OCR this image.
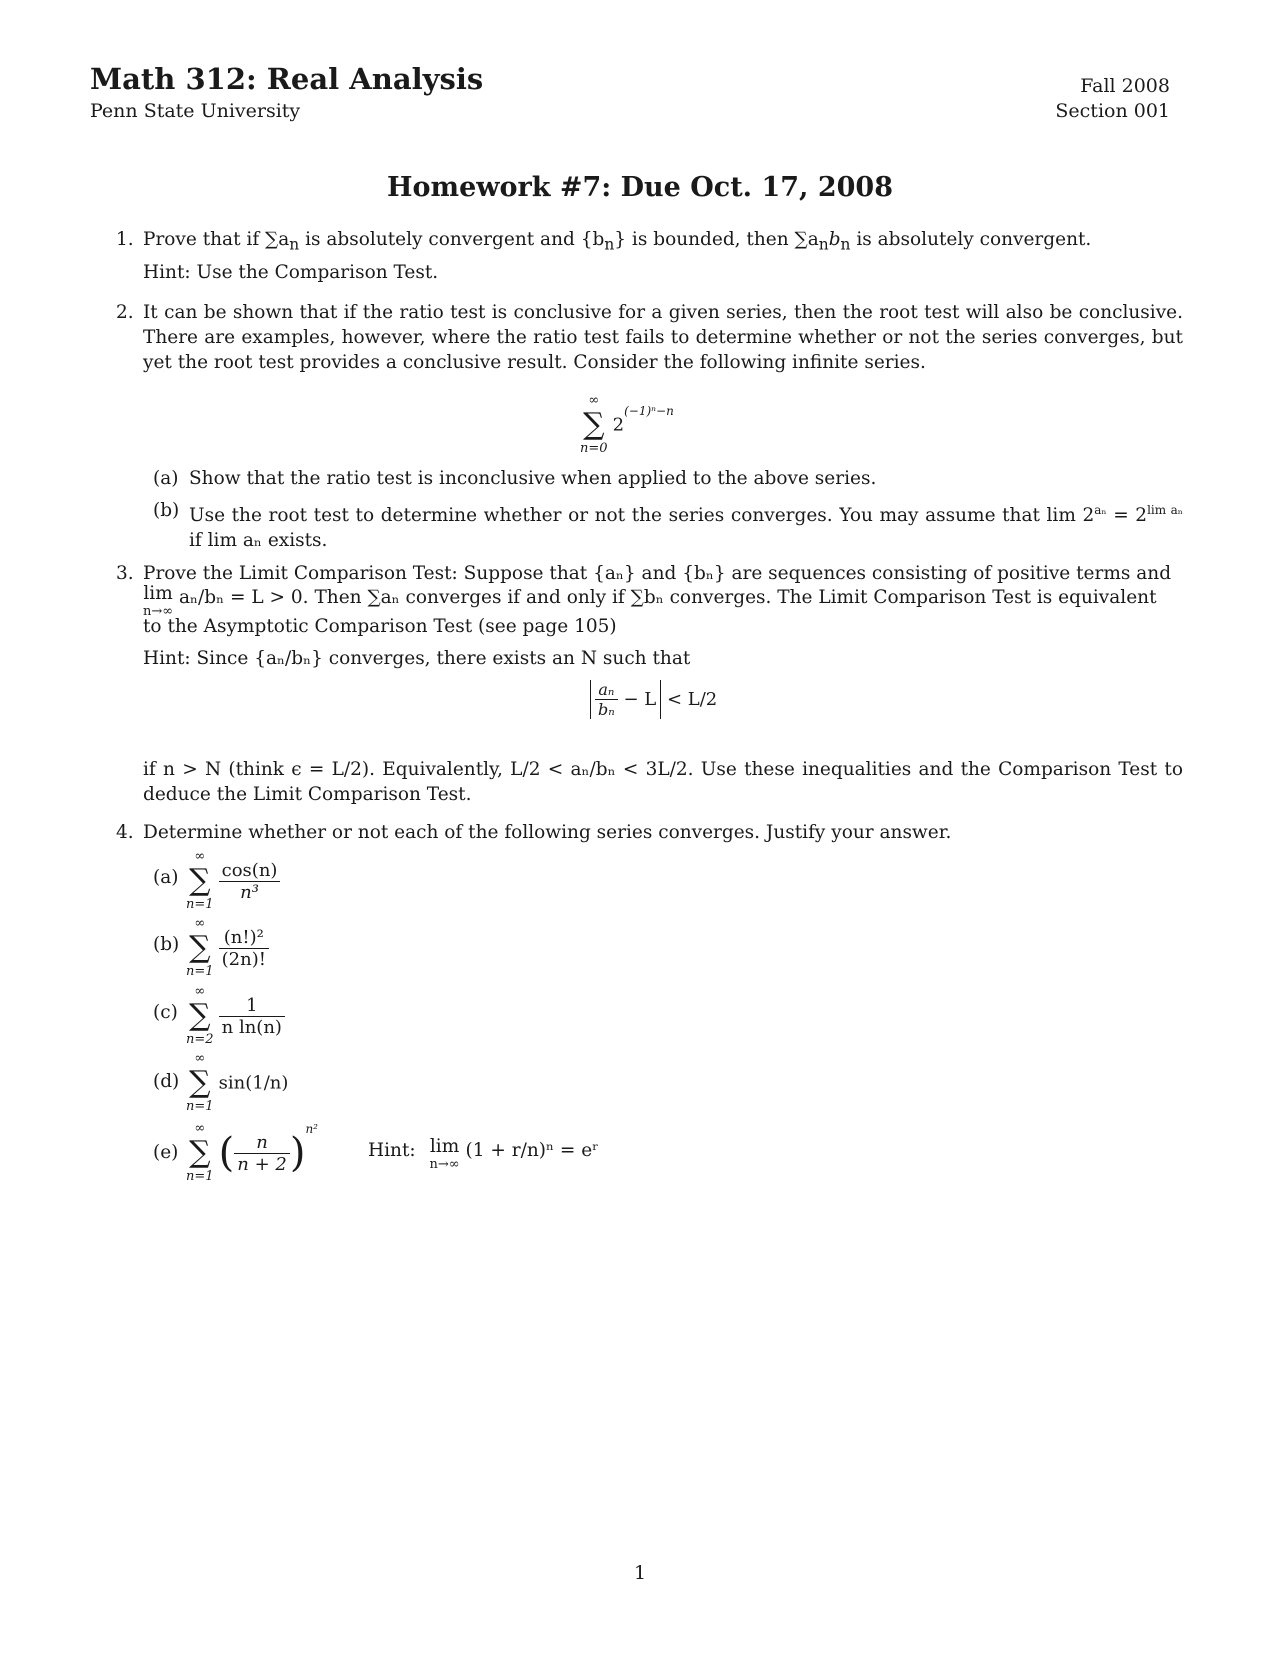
Math 312: Real Analysis
Penn State University
Fall 2008
Section 001
Homework #7: Due Oct. 17, 2008
1. Prove that if $\sum a_n$ is absolutely convergent and $\{b_n\}$ is bounded, then $\sum a_nb_n$ is absolutely convergent.
Hint: Use the Comparison Test.
2. It can be shown that if the ratio test is conclusive for a given series, then the root test will also be conclusive. There are examples, however, where the ratio test fails to determine whether or not the series converges, but yet the root test provides a conclusive result. Consider the following infinite series.
∞
∑
n=0
$2^{(-1)^n-n}$
(a) Show that the ratio test is inconclusive when applied to the above series.
(b) Use the root test to determine whether or not the series converges. You may assume that $\lim 2^{a_n} = 2^{lim a_n}$ if lim aₙ exists.
3. Prove the Limit Comparison Test: Suppose that {aₙ} and {bₙ} are sequences consisting of positive terms and
lim
n→∞
aₙ/bₙ = L > 0. Then ∑aₙ converges if and only if ∑bₙ converges. The Limit Comparison Test is equivalent
to the Asymptotic Comparison Test (see page 105)
Hint: Since {aₙ/bₙ} converges, there exists an N such that
$\frac{\text{aₙ}}{\text{bₙ}} - L < L/2$
if n > N (think ϵ = L/2). Equivalently, L/2 < aₙ/bₙ < 3L/2. Use these inequalities and the Comparison Test to deduce the Limit Comparison Test.
4. Determine whether or not each of the following series converges. Justify your answer.
(a)
∞
∑
n=1

$\frac{\cos(n)}{\text{n³}}$
(b)
∞
∑
n=1

$\frac{\text{(n!)²}}{(2n)!}$
(c)
∞
∑
n=2

$\frac{1}{\text{n ln(n)}}$
(d)
∞
∑
n=1
sin(1/n)
(e)
∞
∑
n=1
( $\frac{n}{n + 2} )^{n^2}$
Hint: lim
n→∞
(1 + r/n)ⁿ = eʳ
1
